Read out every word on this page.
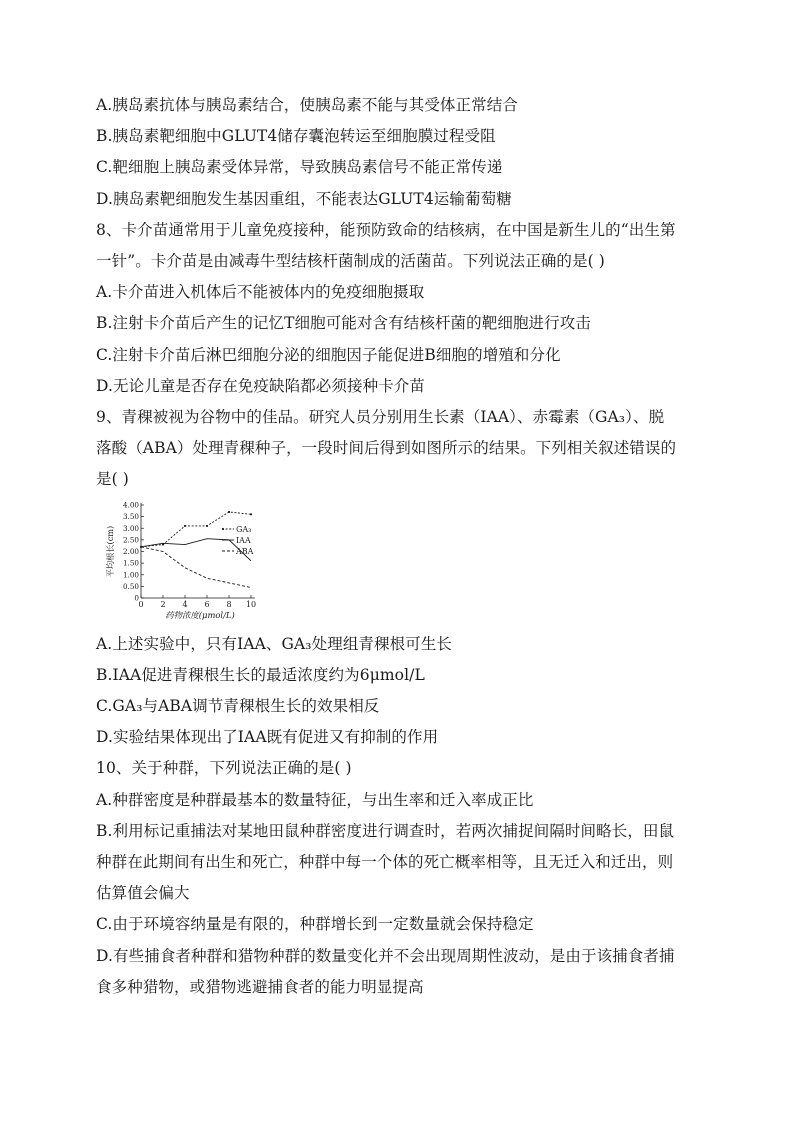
A.胰岛素抗体与胰岛素结合，使胰岛素不能与其受体正常结合
B.胰岛素靶细胞中GLUT4储存囊泡转运至细胞膜过程受阻
C.靶细胞上胰岛素受体异常，导致胰岛素信号不能正常传递
D.胰岛素靶细胞发生基因重组，不能表达GLUT4运输葡萄糖
8、卡介苗通常用于儿童免疫接种，能预防致命的结核病，在中国是新生儿的“出生第
一针”。卡介苗是由减毒牛型结核杆菌制成的活菌苗。下列说法正确的是( )
A.卡介苗进入机体后不能被体内的免疫细胞摄取
B.注射卡介苗后产生的记忆T细胞可能对含有结核杆菌的靶细胞进行攻击
C.注射卡介苗后淋巴细胞分泌的细胞因子能促进B细胞的增殖和分化
D.无论儿童是否存在免疫缺陷都必须接种卡介苗
9、青稞被视为谷物中的佳品。研究人员分别用生长素（IAA）、赤霉素（GA₃）、脱
落酸（ABA）处理青稞种子，一段时间后得到如图所示的结果。下列相关叙述错误的
是( )
0
0.50
1.00
1.50
2.00
2.50
3.00
3.50
4.00
0 2 4 6 8 10
平均根长(cm)
药物浓度(μmol/L)
GA₃
IAA
ABA
A.上述实验中，只有IAA、GA₃处理组青稞根可生长
B.IAA促进青稞根生长的最适浓度约为6μmol/L
C.GA₃与ABA调节青稞根生长的效果相反
D.实验结果体现出了IAA既有促进又有抑制的作用
10、关于种群，下列说法正确的是( )
A.种群密度是种群最基本的数量特征，与出生率和迁入率成正比
B.利用标记重捕法对某地田鼠种群密度进行调查时，若两次捕捉间隔时间略长，田鼠
种群在此期间有出生和死亡，种群中每一个体的死亡概率相等，且无迁入和迁出，则
估算值会偏大
C.由于环境容纳量是有限的，种群增长到一定数量就会保持稳定
D.有些捕食者种群和猎物种群的数量变化并不会出现周期性波动，是由于该捕食者捕
食多种猎物，或猎物逃避捕食者的能力明显提高
